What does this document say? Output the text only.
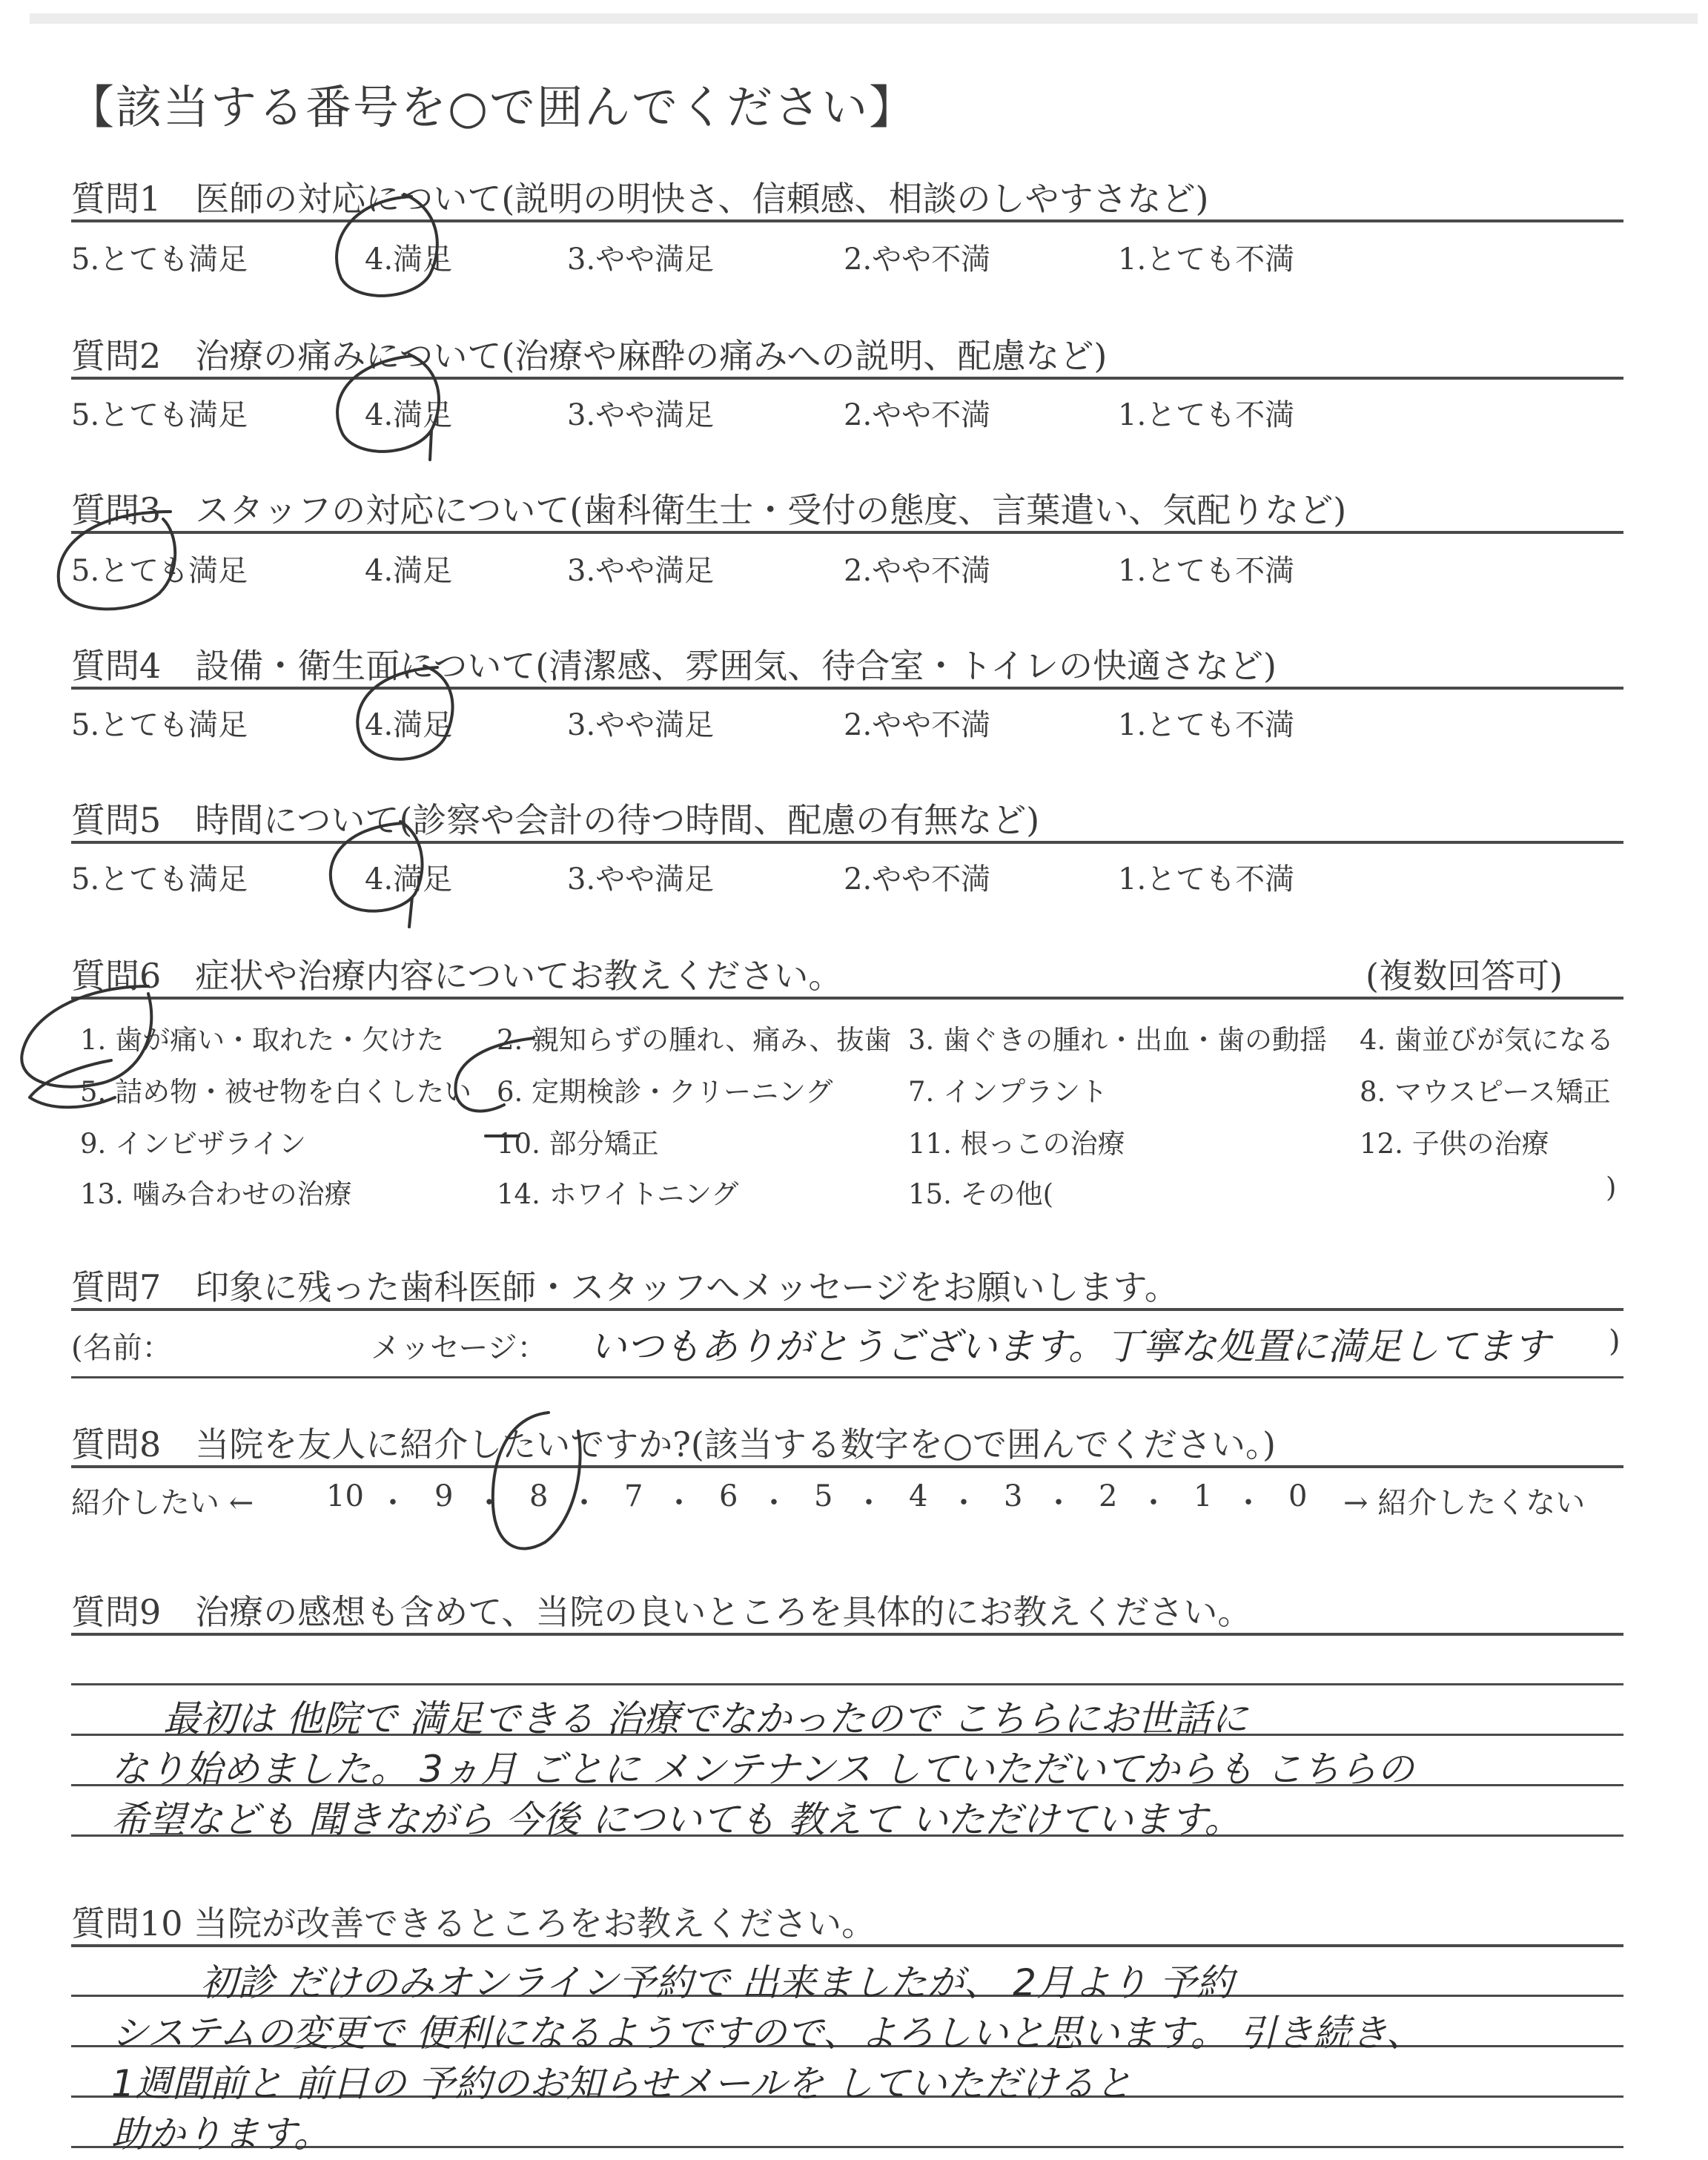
【該当する番号を○で囲んでください】
質問1　医師の対応について(説明の明快さ、信頼感、相談のしやすさなど)
5.とても満足	4.満足	3.やや満足	2.やや不満	1.とても不満
質問2　治療の痛みについて(治療や麻酔の痛みへの説明、配慮など)
5.とても満足	4.満足	3.やや満足	2.やや不満	1.とても不満
質問3　スタッフの対応について(歯科衛生士・受付の態度、言葉遣い、気配りなど)
5.とても満足	4.満足	3.やや満足	2.やや不満	1.とても不満
質問4　設備・衛生面について(清潔感、雰囲気、待合室・トイレの快適さなど)
5.とても満足	4.満足	3.やや満足	2.やや不満	1.とても不満
質問5　時間について(診察や会計の待つ時間、配慮の有無など)
5.とても満足	4.満足	3.やや満足	2.やや不満	1.とても不満
質問6　症状や治療内容についてお教えください。	(複数回答可)
1. 歯が痛い・取れた・欠けた 2. 親知らずの腫れ、痛み、抜歯 3. 歯ぐきの腫れ・出血・歯の動揺 4. 歯並びが気になる
5. 詰め物・被せ物を白くしたい 6. 定期検診・クリーニング	7. インプラント	8. マウスピース矯正
9. インビザライン	10. 部分矯正	11. 根っこの治療	12. 子供の治療
13. 噛み合わせの治療	14. ホワイトニング	15. その他(	)
質問7　印象に残った歯科医師・スタッフへメッセージをお願いします。
(名前：	メッセージ： いつもありがとうございます。丁寧な処置に満足してます )
質問8　当院を友人に紹介したいですか?(該当する数字を○で囲んでください。)
紹介したい ← 10 ・ 9 ・ 8 ・ 7 ・ 6 ・ 5 ・ 4 ・ 3 ・ 2 ・ 1 ・ 0 → 紹介したくない
質問9　治療の感想も含めて、当院の良いところを具体的にお教えください。
最初は 他院で 満足できる 治療でなかったので こちらにお世話に
なり始めました。 3ヵ月 ごとに メンテナンス していただいてからも こちらの
希望なども 聞きながら 今後 についても 教えて いただけています。
質問10 当院が改善できるところをお教えください。
初診 だけのみオンライン予約で 出来ましたが、 2月より 予約
システムの変更で 便利になるようですので、よろしいと思います。 引き続き、
1週間前と 前日の 予約のお知らせメールを していただけると
助かります。
